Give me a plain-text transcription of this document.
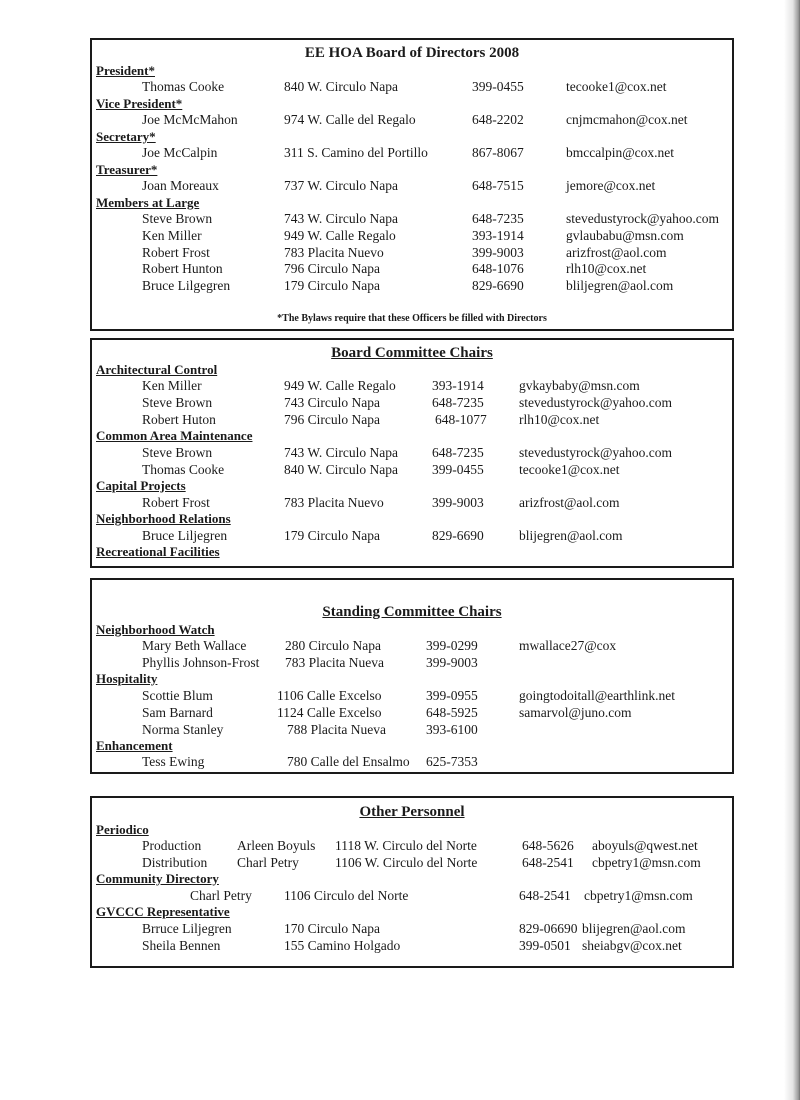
EE HOA Board of Directors 2008
President*
Thomas Cooke	840 W. Circulo Napa	399-0455	tecooke1@cox.net
Vice President*
Joe McMcMahon	974 W. Calle del Regalo	648-2202	cnjmcmahon@cox.net
Secretary*
Joe McCalpin	311 S. Camino del Portillo	867-8067	bmccalpin@cox.net
Treasurer*
Joan Moreaux	737 W. Circulo Napa	648-7515	jemore@cox.net
Members at Large
Steve Brown	743 W. Circulo Napa	648-7235	stevedustyrock@yahoo.com
Ken Miller	949 W. Calle Regalo	393-1914	gvlaubabu@msn.com
Robert Frost	783 Placita Nuevo	399-9003	arizfrost@aol.com
Robert Hunton	796 Circulo Napa	648-1076	rlh10@cox.net
Bruce Lilgegren	179 Circulo Napa	829-6690	bliljegren@aol.com
*The Bylaws require that these Officers be filled with Directors
Board Committee Chairs
Architectural Control
Ken Miller	949 W. Calle Regalo	393-1914	gvkaybaby@msn.com
Steve Brown	743 Circulo Napa	648-7235	stevedustyrock@yahoo.com
Robert Huton	796 Circulo Napa	648-1077 rlh10@cox.net
Common Area Maintenance
Steve Brown	743 W. Circulo Napa	648-7235	stevedustyrock@yahoo.com
Thomas Cooke	840 W. Circulo Napa	399-0455	tecooke1@cox.net
Capital Projects
Robert Frost	783 Placita Nuevo	399-9003	arizfrost@aol.com
Neighborhood Relations
Bruce Liljegren	179 Circulo Napa	829-6690	blijegren@aol.com
Recreational Facilities
Standing Committee Chairs
Neighborhood Watch
Mary Beth Wallace	280 Circulo Napa	399-0299	mwallace27@cox
Phyllis Johnson-Frost 783 Placita Nueva	399-9003
Hospitality
Scottie Blum	1106 Calle Excelso	399-0955	goingtodoitall@earthlink.net
Sam Barnard	1124 Calle Excelso	648-5925	samarvol@juno.com
Norma Stanley	788 Placita Nueva	393-6100
Enhancement
Tess Ewing	780 Calle del Ensalmo 625-7353
Other Personnel
Periodico
Production	Arleen Boyuls 1118 W. Circulo del Norte	648-5626 aboyuls@qwest.net
Distribution Charl Petry	1106 W. Circulo del Norte	648-2541 cbpetry1@msn.com
Community Directory
Charl Petry 1106 Circulo del Norte	648-2541 cbpetry1@msn.com
GVCCC Representative
Brruce Liljegren	170 Circulo Napa	829-06690 blijegren@aol.com
Sheila Bennen	155 Camino Holgado	399-0501 sheiabgv@cox.net
